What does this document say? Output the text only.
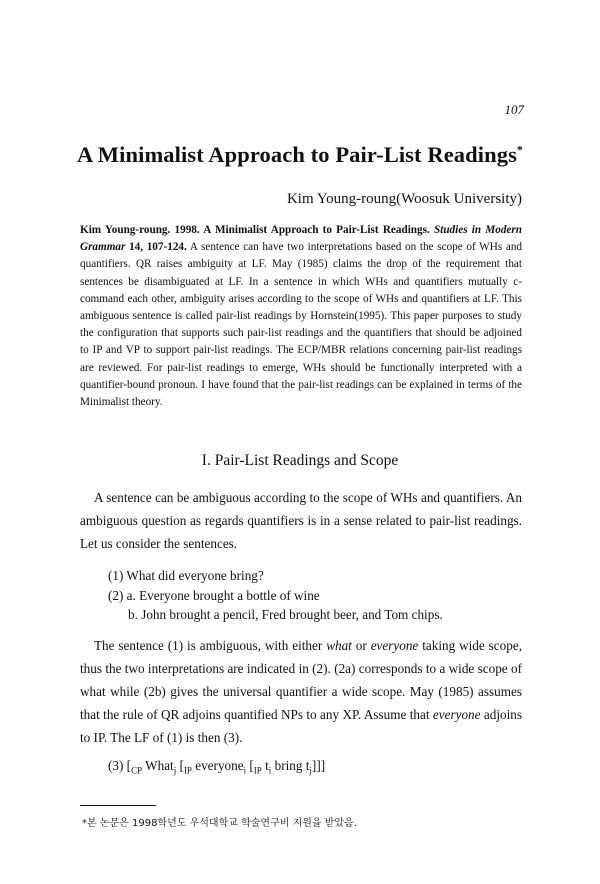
107
A Minimalist Approach to Pair-List Readings*
Kim Young-roung(Woosuk University)
Kim Young-roung. 1998. A Minimalist Approach to Pair-List Readings. Studies in Modern Grammar 14, 107-124. A sentence can have two interpretations based on the scope of WHs and quantifiers. QR raises ambiguity at LF. May (1985) claims the drop of the requirement that sentences be disambiguated at LF. In a sentence in which WHs and quantifiers mutually c-command each other, ambiguity arises according to the scope of WHs and quantifiers at LF. This ambiguous sentence is called pair-list readings by Hornstein(1995). This paper purposes to study the configuration that supports such pair-list readings and the quantifiers that should be adjoined to IP and VP to support pair-list readings. The ECP/MBR relations concerning pair-list readings are reviewed. For pair-list readings to emerge, WHs should be functionally interpreted with a quantifier-bound pronoun. I have found that the pair-list readings can be explained in terms of the Minimalist theory.
I. Pair-List Readings and Scope
A sentence can be ambiguous according to the scope of WHs and quantifiers. An ambiguous question as regards quantifiers is in a sense related to pair-list readings. Let us consider the sentences.
(1) What did everyone bring?
(2) a. Everyone brought a bottle of wine
b. John brought a pencil, Fred brought beer, and Tom chips.
The sentence (1) is ambiguous, with either what or everyone taking wide scope, thus the two interpretations are indicated in (2). (2a) corresponds to a wide scope of what while (2b) gives the universal quantifier a wide scope. May (1985) assumes that the rule of QR adjoins quantified NPs to any XP. Assume that everyone adjoins to IP. The LF of (1) is then (3).
(3) [$_{CP}$ What$_j$ [$_{IP}$ everyone$_i$ [$_{IP}$ $t_i$ bring $t_j$]]]
*본 논문은 1998학년도 우석대학교 학술연구비 지원을 받았음.
